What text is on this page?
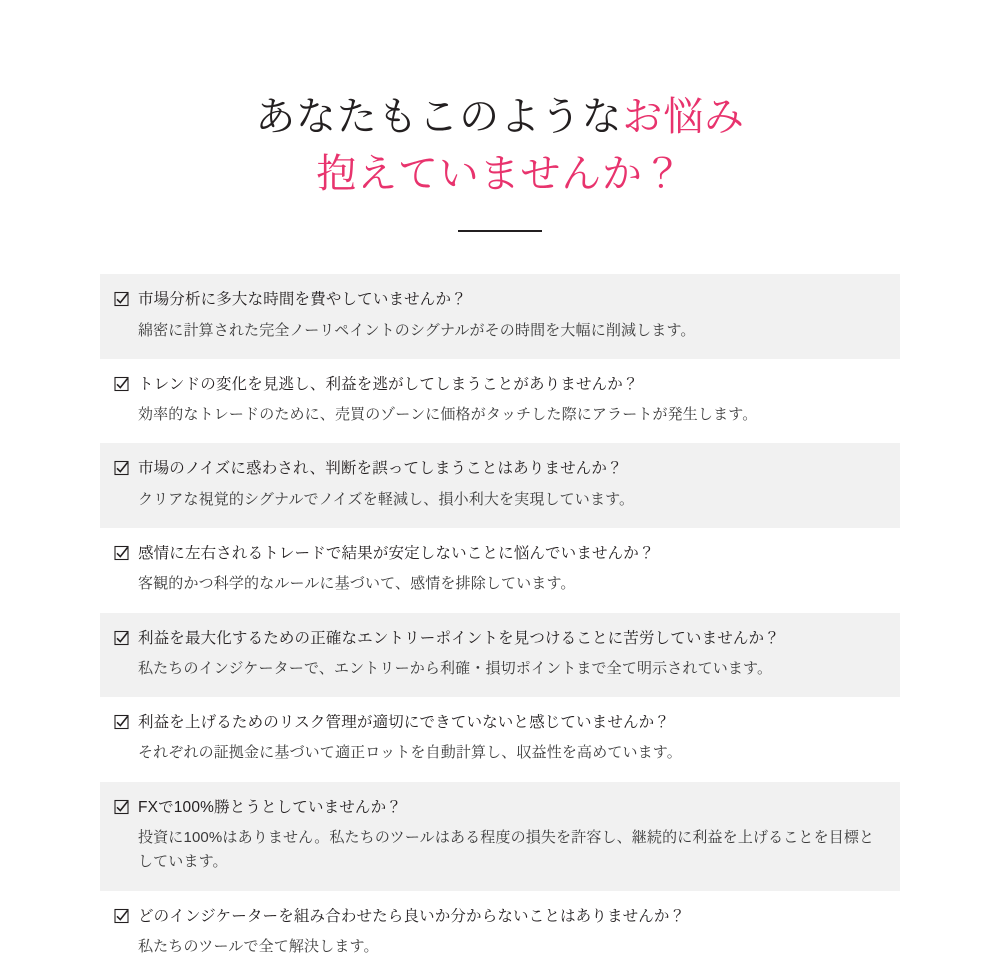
あなたもこのようなお悩み
抱えていませんか？
市場分析に多大な時間を費やしていませんか？
綿密に計算された完全ノーリペイントのシグナルがその時間を大幅に削減します。
トレンドの変化を見逃し、利益を逃がしてしまうことがありませんか？
効率的なトレードのために、売買のゾーンに価格がタッチした際にアラートが発生します。
市場のノイズに惑わされ、判断を誤ってしまうことはありませんか？
クリアな視覚的シグナルでノイズを軽減し、損小利大を実現しています。
感情に左右されるトレードで結果が安定しないことに悩んでいませんか？
客観的かつ科学的なルールに基づいて、感情を排除しています。
利益を最大化するための正確なエントリーポイントを見つけることに苦労していませんか？
私たちのインジケーターで、エントリーから利確・損切ポイントまで全て明示されています。
利益を上げるためのリスク管理が適切にできていないと感じていませんか？
それぞれの証拠金に基づいて適正ロットを自動計算し、収益性を高めています。
FXで100%勝とうとしていませんか？
投資に100%はありません。私たちのツールはある程度の損失を許容し、継続的に利益を上げることを目標としています。
どのインジケーターを組み合わせたら良いか分からないことはありませんか？
私たちのツールで全て解決します。
